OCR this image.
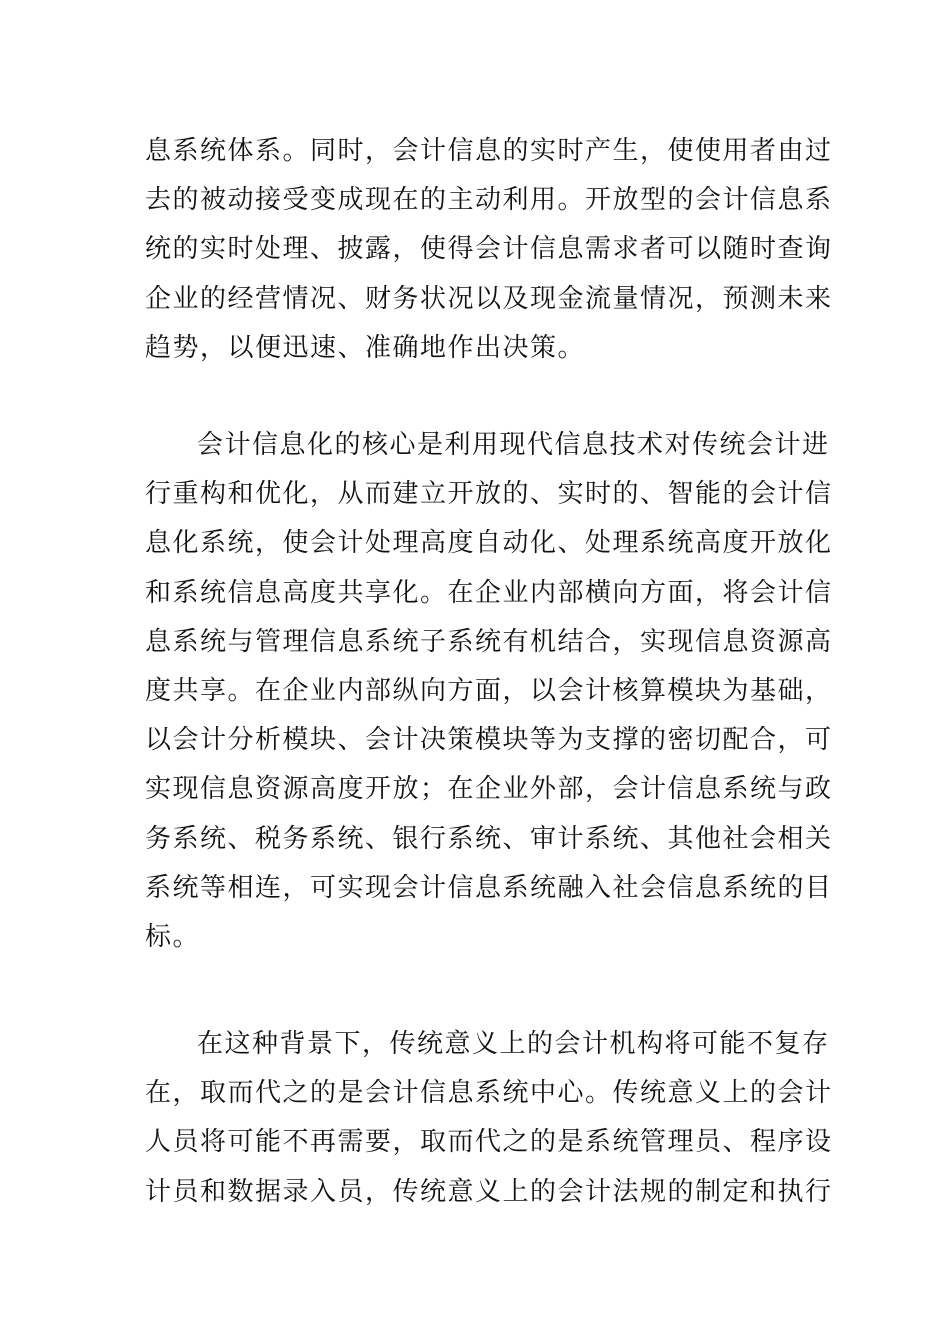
息系统体系。同时，会计信息的实时产生，使使用者由过
去的被动接受变成现在的主动利用。开放型的会计信息系
统的实时处理、披露，使得会计信息需求者可以随时查询
企业的经营情况、财务状况以及现金流量情况，预测未来
趋势，以便迅速、准确地作出决策。
会计信息化的核心是利用现代信息技术对传统会计进
行重构和优化，从而建立开放的、实时的、智能的会计信
息化系统，使会计处理高度自动化、处理系统高度开放化
和系统信息高度共享化。在企业内部横向方面，将会计信
息系统与管理信息系统子系统有机结合，实现信息资源高
度共享。在企业内部纵向方面，以会计核算模块为基础，
以会计分析模块、会计决策模块等为支撑的密切配合，可
实现信息资源高度开放；在企业外部，会计信息系统与政
务系统、税务系统、银行系统、审计系统、其他社会相关
系统等相连，可实现会计信息系统融入社会信息系统的目
标。
在这种背景下，传统意义上的会计机构将可能不复存
在，取而代之的是会计信息系统中心。传统意义上的会计
人员将可能不再需要，取而代之的是系统管理员、程序设
计员和数据录入员，传统意义上的会计法规的制定和执行
